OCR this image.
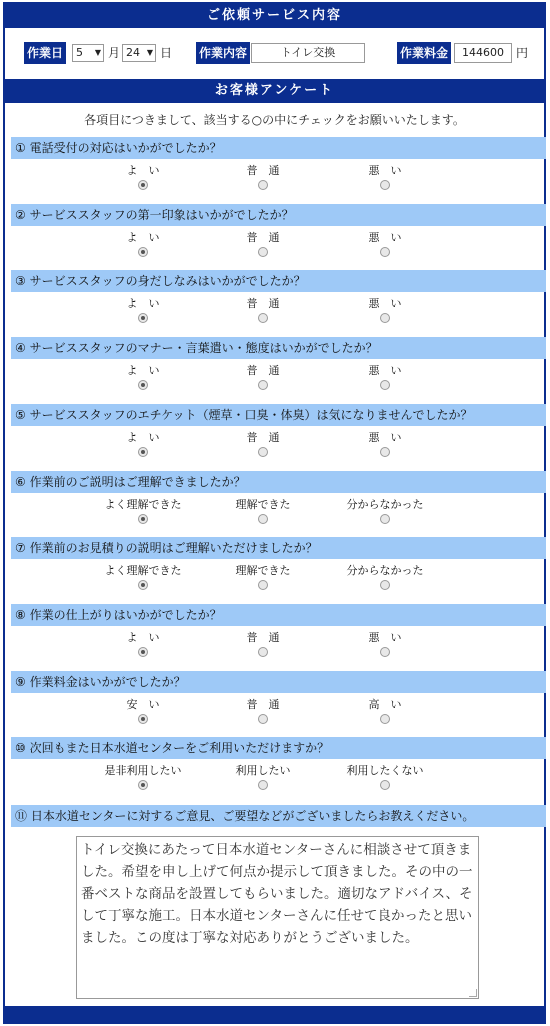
ご依頼サービス内容
作業日	5 ▼ 月 24 ▼ 日 作業内容	トイレ交換	作業料金	144600	円
お客様アンケート
各項目につきまして、該当する○の中にチェックをお願いいたします。
① 電話受付の対応はいかがでしたか？
よ　い	普　通	悪　い
② サービススタッフの第一印象はいかがでしたか？
よ　い	普　通	悪　い
③ サービススタッフの身だしなみはいかがでしたか？
よ　い	普　通	悪　い
④ サービススタッフのマナー・言葉遣い・態度はいかがでしたか？
よ　い	普　通	悪　い
⑤ サービススタッフのエチケット（煙草・口臭・体臭）は気になりませんでしたか？
よ　い	普　通	悪　い
⑥ 作業前のご説明はご理解できましたか？
よく理解できた	理解できた	分からなかった
⑦ 作業前のお見積りの説明はご理解いただけましたか？
よく理解できた	理解できた	分からなかった
⑧ 作業の仕上がりはいかがでしたか？
よ　い	普　通	悪　い
⑨ 作業料金はいかがでしたか？
安　い	普　通	高　い
⑩ 次回もまた日本水道センターをご利用いただけますか？
是非利用したい	利用したい	利用したくない
⑪ 日本水道センターに対するご意見、ご要望などがございましたらお教えください。
トイレ交換にあたって日本水道センターさんに相談させて頂きました。希望を申し上げて何点か提示して頂きました。その中の一番ベストな商品を設置してもらいました。適切なアドバイス、そして丁寧な施工。日本水道センターさんに任せて良かったと思いました。この度は丁寧な対応ありがとうございました。
